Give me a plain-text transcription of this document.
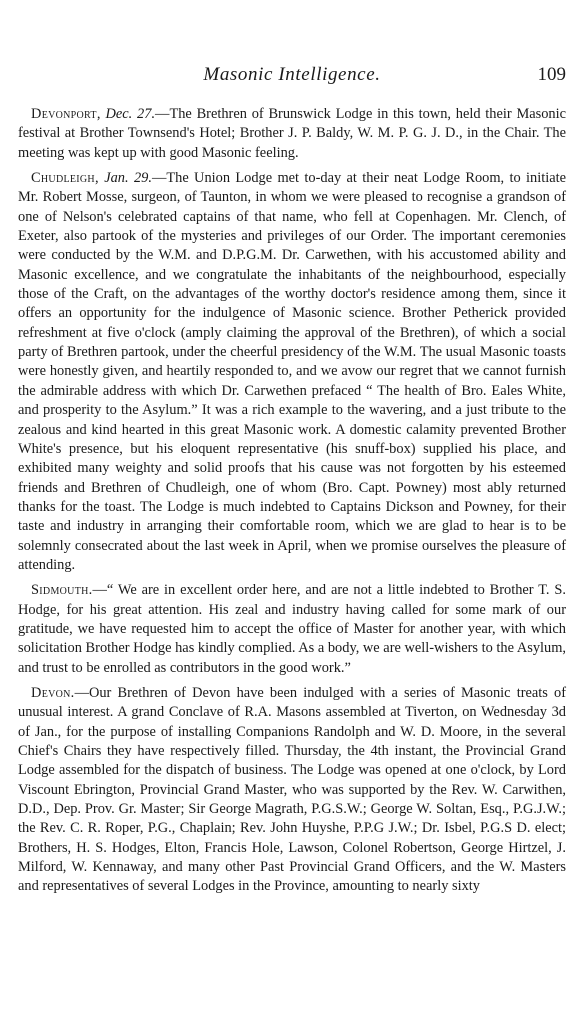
Masonic Intelligence.	109

Devonport, Dec. 27.—The Brethren of Brunswick Lodge in this town, held their Masonic festival at Brother Townsend's Hotel; Brother J. P. Baldy, W. M. P. G. J. D., in the Chair. The meeting was kept up with good Masonic feeling.

Chudleigh, Jan. 29.—The Union Lodge met to-day at their neat Lodge Room, to initiate Mr. Robert Mosse, surgeon, of Taunton, in whom we were pleased to recognise a grandson of one of Nelson's celebrated captains of that name, who fell at Copenhagen. Mr. Clench, of Exeter, also partook of the mysteries and privileges of our Order. The important ceremonies were conducted by the W.M. and D.P.G.M. Dr. Carwethen, with his accustomed ability and Masonic excellence, and we congratulate the inhabitants of the neighbourhood, especially those of the Craft, on the advantages of the worthy doctor's residence among them, since it offers an opportunity for the indulgence of Masonic science. Brother Petherick provided refreshment at five o'clock (amply claiming the approval of the Brethren), of which a social party of Brethren partook, under the cheerful presidency of the W.M. The usual Masonic toasts were honestly given, and heartily responded to, and we avow our regret that we cannot furnish the admirable address with which Dr. Carwethen prefaced “ The health of Bro. Eales White, and prosperity to the Asylum.” It was a rich example to the wavering, and a just tribute to the zealous and kind hearted in this great Masonic work. A domestic calamity prevented Brother White's presence, but his eloquent representative (his snuff-box) supplied his place, and exhibited many weighty and solid proofs that his cause was not forgotten by his esteemed friends and Brethren of Chudleigh, one of whom (Bro. Capt. Powney) most ably returned thanks for the toast. The Lodge is much indebted to Captains Dickson and Powney, for their taste and industry in arranging their comfortable room, which we are glad to hear is to be solemnly consecrated about the last week in April, when we promise ourselves the pleasure of attending.

Sidmouth.—“ We are in excellent order here, and are not a little indebted to Brother T. S. Hodge, for his great attention. His zeal and industry having called for some mark of our gratitude, we have requested him to accept the office of Master for another year, with which solicitation Brother Hodge has kindly complied. As a body, we are well-wishers to the Asylum, and trust to be enrolled as contributors in the good work.”

Devon.—Our Brethren of Devon have been indulged with a series of Masonic treats of unusual interest. A grand Conclave of R.A. Masons assembled at Tiverton, on Wednesday 3d of Jan., for the purpose of installing Companions Randolph and W. D. Moore, in the several Chief's Chairs they have respectively filled. Thursday, the 4th instant, the Provincial Grand Lodge assembled for the dispatch of business. The Lodge was opened at one o'clock, by Lord Viscount Ebrington, Provincial Grand Master, who was supported by the Rev. W. Carwithen, D.D., Dep. Prov. Gr. Master; Sir George Magrath, P.G.S.W.; George W. Soltan, Esq., P.G.J.W.; the Rev. C. R. Roper, P.G., Chaplain; Rev. John Huyshe, P.P.G J.W.; Dr. Isbel, P.G.S D. elect; Brothers, H. S. Hodges, Elton, Francis Hole, Lawson, Colonel Robertson, George Hirtzel, J. Milford, W. Kennaway, and many other Past Provincial Grand Officers, and the W. Masters and representatives of several Lodges in the Province, amounting to nearly sixty
